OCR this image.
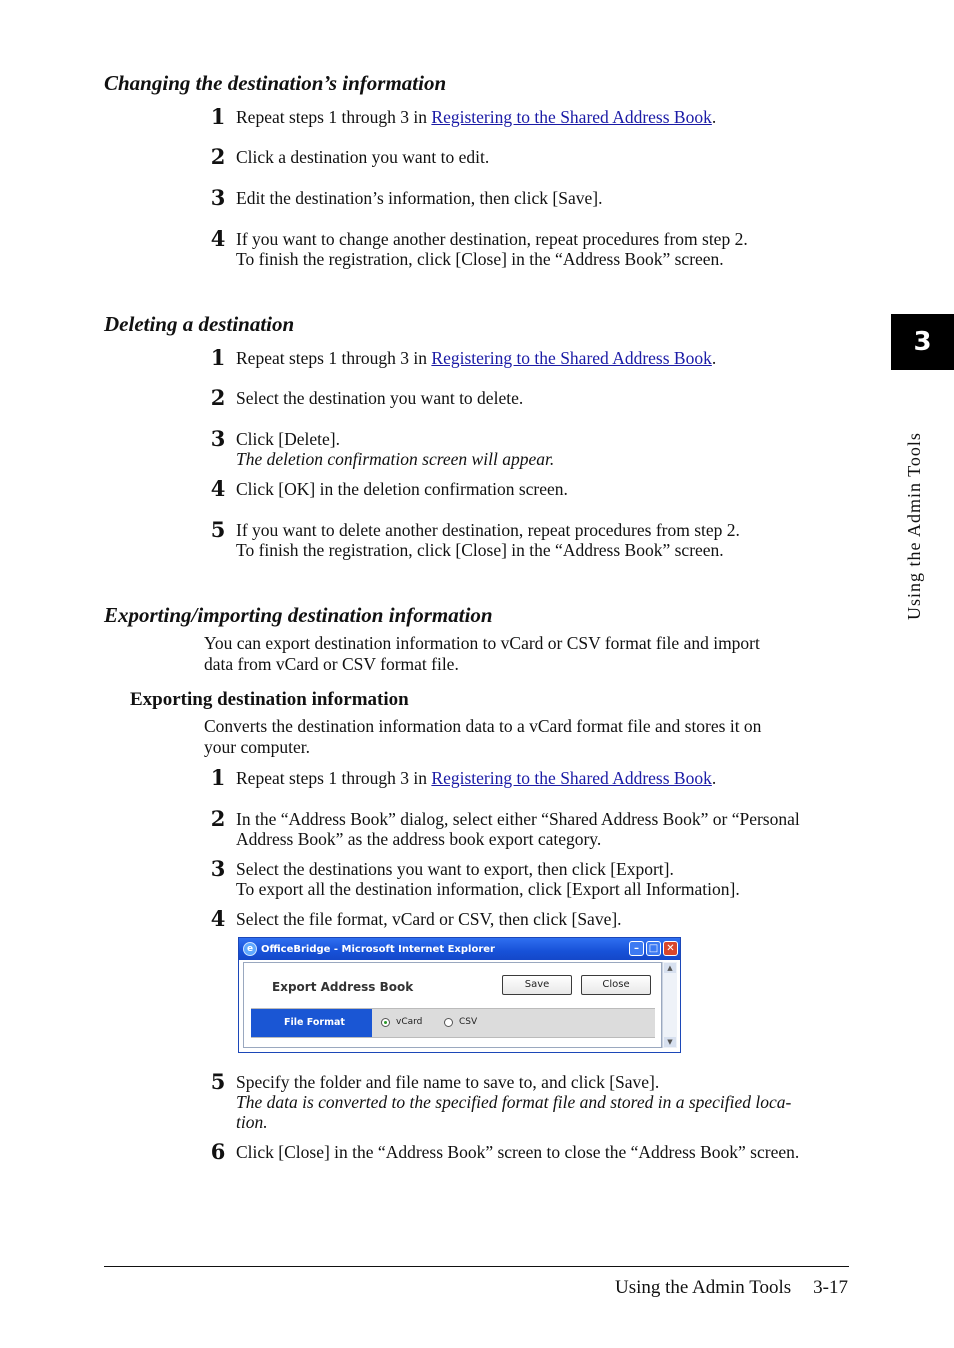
Changing the destination’s information
1 Repeat steps 1 through 3 in Registering to the Shared Address Book.
2 Click a destination you want to edit.
3 Edit the destination’s information, then click [Save].
4 If you want to change another destination, repeat procedures from step 2.
To finish the registration, click [Close] in the “Address Book” screen.
Deleting a destination
1 Repeat steps 1 through 3 in Registering to the Shared Address Book.
2 Select the destination you want to delete.
3 Click [Delete].
The deletion confirmation screen will appear.
4 Click [OK] in the deletion confirmation screen.
5 If you want to delete another destination, repeat procedures from step 2.
To finish the registration, click [Close] in the “Address Book” screen.
Exporting/importing destination information
You can export destination information to vCard or CSV format file and import
data from vCard or CSV format file.
Exporting destination information
Converts the destination information data to a vCard format file and stores it on
your computer.
1 Repeat steps 1 through 3 in Registering to the Shared Address Book.
2 In the “Address Book” dialog, select either “Shared Address Book” or “Personal
Address Book” as the address book export category.
3 Select the destinations you want to export, then click [Export].
To export all the destination information, click [Export all Information].
4 Select the file format, vCard or CSV, then click [Save].
e OfficeBridge - Microsoft Internet Explorer	– □ ✕
▲
▼
Export Address Book	Save	Close
File Format	vCard	CSV
5 Specify the folder and file name to save to, and click [Save].
The data is converted to the specified format file and stored in a specified loca-
tion.
6 Click [Close] in the “Address Book” screen to close the “Address Book” screen.
3
Using the Admin Tools
Using the Admin Tools 3-17
